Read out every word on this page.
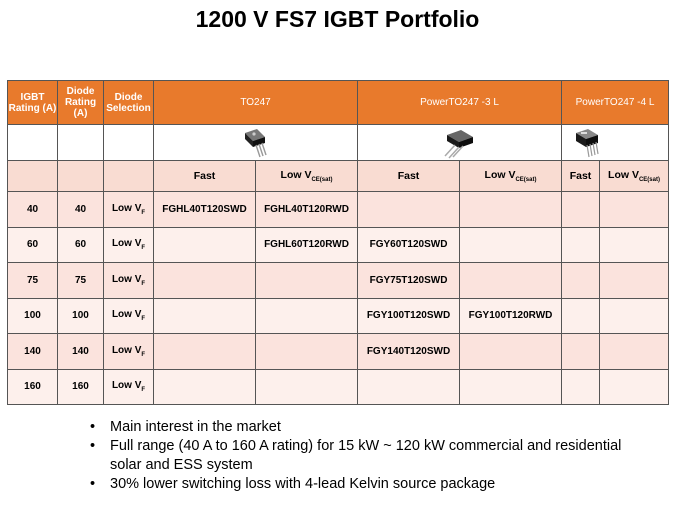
1200 V FS7 IGBT Portfolio
IGBT Rating (A)	Diode Rating (A)	Diode Selection	TO247		PowerTO247 -3 L		PowerTO247 -4 L	

			Fast	Low $V_{CE(sat)}$	Fast	Low $V_{CE(sat)}$	Fast	Low $V_{CE(sat)}$
40	40	Low $V_F$	FGHL40T120SWD	FGHL40T120RWD				
60	60	Low $V_F$		FGHL60T120RWD	FGY60T120SWD			
75	75	Low $V_F$			FGY75T120SWD			
100	100	Low $V_F$			FGY100T120SWD	FGY100T120RWD		
140	140	Low $V_F$			FGY140T120SWD			
160	160	Low $V_F$						
• Main interest in the market
• Full range (40 A to 160 A rating) for 15 kW ~ 120 kW commercial and residential solar and ESS system
• 30% lower switching loss with 4-lead Kelvin source package
